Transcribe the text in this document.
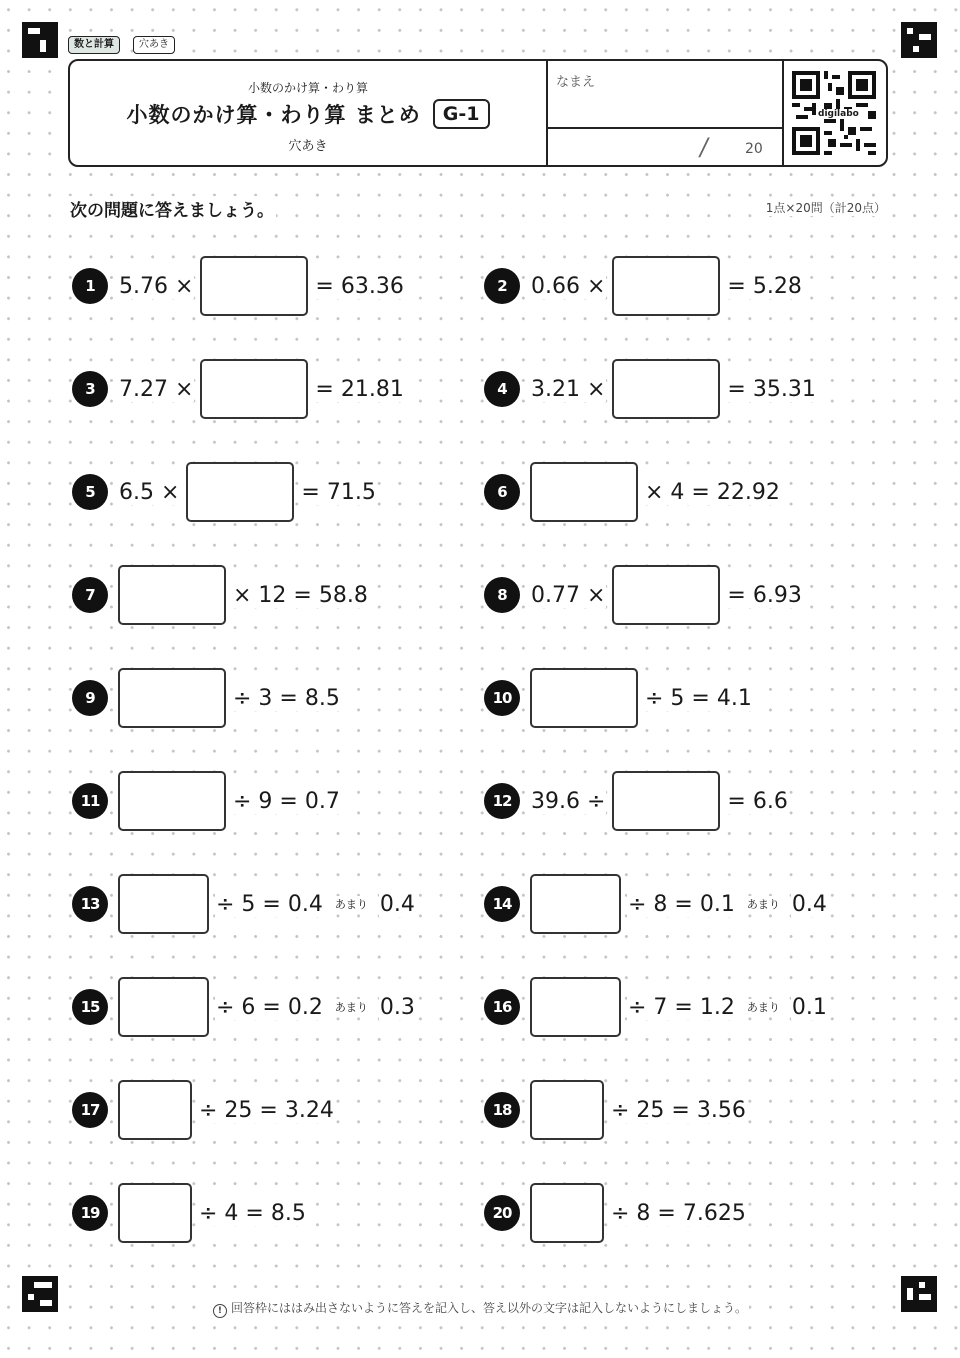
数と計算	穴あき
小数のかけ算・わり算
小数のかけ算・わり算 まとめ	G-1
穴あき
なまえ
/ 20
digilabo
次の問題に答えましょう。	1点×20問（計20点）
1	5.76 ×	= 63.36	2	0.66 ×	= 5.28
3	7.27 ×	= 21.81	4	3.21 ×	= 35.31
5	6.5 ×	= 71.5	6	× 4 = 22.92
7	× 12 = 58.8	8	0.77 ×	= 6.93
9	÷ 3 = 8.5	10	÷ 5 = 4.1
11	÷ 9 = 0.7	12 39.6 ÷	= 6.6
13	÷ 5 = 0.4 あまり 0.4	14	÷ 8 = 0.1 あまり 0.4
15	÷ 6 = 0.2 あまり 0.3	16	÷ 7 = 1.2 あまり 0.1
17	÷ 25 = 3.24	18	÷ 25 = 3.56
19	÷ 4 = 8.5	20	÷ 8 = 7.625
! 回答枠にははみ出さないように答えを記入し、答え以外の文字は記入しないようにしましょう。
